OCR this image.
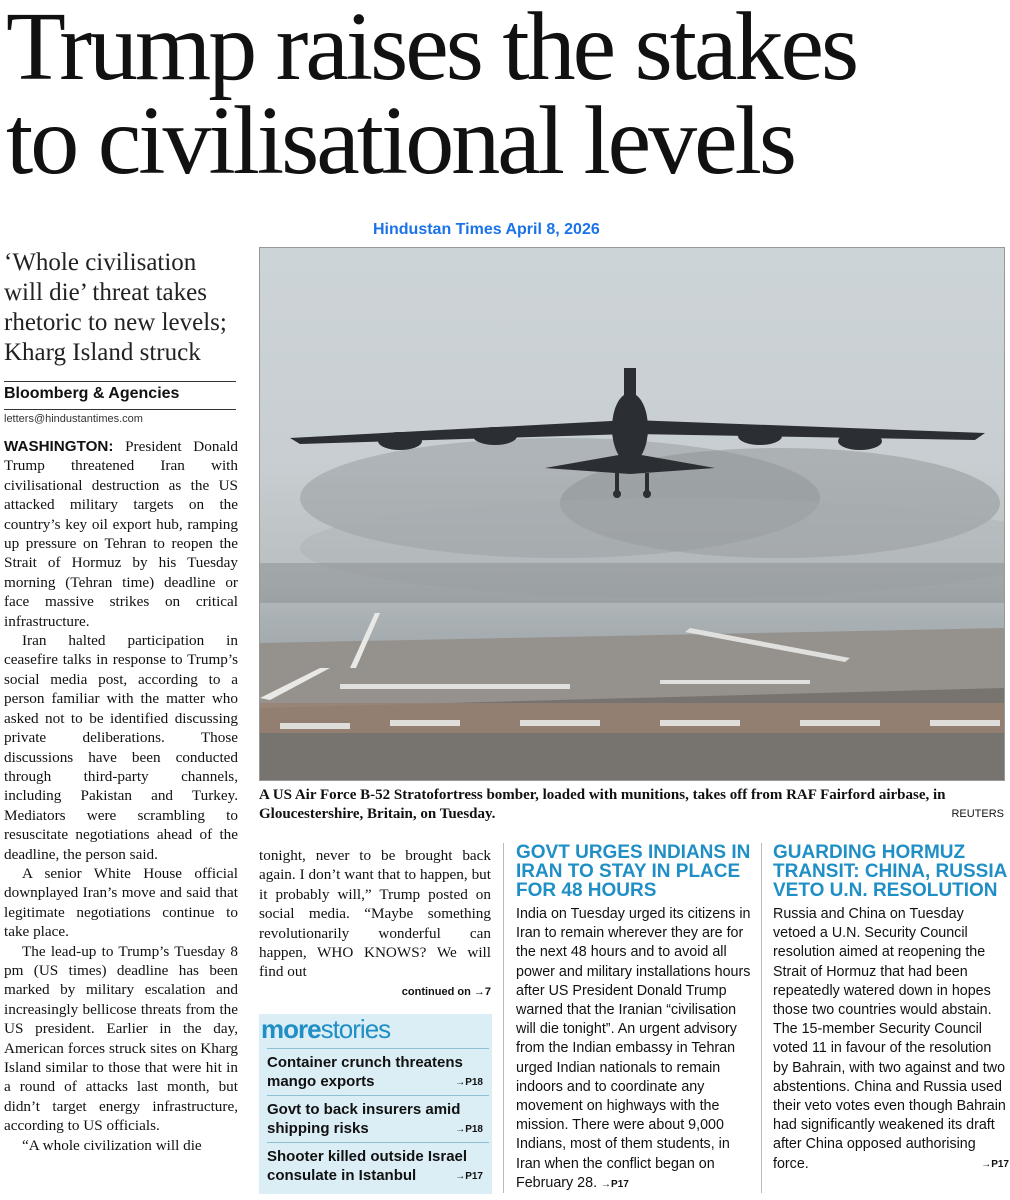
Trump raises the stakes
to civilisational levels
Hindustan Times April 8, 2026
‘Whole civilisation will die’ threat takes rhetoric to new levels; Kharg Island struck
Bloomberg & Agencies
letters@hindustantimes.com

WASHINGTON: President Donald Trump threatened Iran with civilisational destruction as the US attacked military targets on the country’s key oil export hub, ramping up pressure on Tehran to reopen the Strait of Hormuz by his Tuesday morning (Tehran time) deadline or face massive strikes on critical infrastructure.

Iran halted participation in ceasefire talks in response to Trump’s social media post, according to a person familiar with the matter who asked not to be identified discussing private deliberations. Those discussions have been conducted through third-party channels, including Pakistan and Turkey. Mediators were scrambling to resuscitate negotiations ahead of the deadline, the person said.

A senior White House official downplayed Iran’s move and said that legitimate negotiations continue to take place.

The lead-up to Trump’s Tuesday 8 pm (US times) deadline has been marked by military escalation and increasingly bellicose threats from the US president. Earlier in the day, American forces struck sites on Kharg Island similar to those that were hit in a round of attacks last month, but didn’t target energy infrastructure, according to US officials.

“A whole civilization will die

A US Air Force B-52 Stratofortress bomber, loaded with munitions, takes off from RAF Fairford airbase, in Gloucestershire, Britain, on Tuesday.	REUTERS
tonight, never to be brought back again. I don’t want that to happen, but it probably will,” Trump posted on social media. “Maybe something revolutionarily wonderful can happen, WHO KNOWS? We will find out
continued on →7
morestories
Container crunch threatens mango exports	→P18
Govt to back insurers amid shipping risks	→P18
Shooter killed outside Israel consulate in Istanbul	→P17
GOVT URGES INDIANS IN IRAN TO STAY IN PLACE FOR 48 HOURS
India on Tuesday urged its citizens in Iran to remain wherever they are for the next 48 hours and to avoid all power and military installations hours after US President Donald Trump warned that the Iranian “civilisation will die tonight”. An urgent advisory from the Indian embassy in Tehran urged Indian nationals to remain indoors and to coordinate any movement on highways with the mission. There were about 9,000 Indians, most of them students, in Iran when the conflict began on February 28. →P17
GUARDING HORMUZ TRANSIT: CHINA, RUSSIA VETO U.N. RESOLUTION
Russia and China on Tuesday vetoed a U.N. Security Council resolution aimed at reopening the Strait of Hormuz that had been repeatedly watered down in hopes those two countries would abstain. The 15-member Security Council voted 11 in favour of the resolution by Bahrain, with two against and two abstentions. China and Russia used their veto votes even though Bahrain had significantly weakened its draft after China opposed authorising force.	→P17
